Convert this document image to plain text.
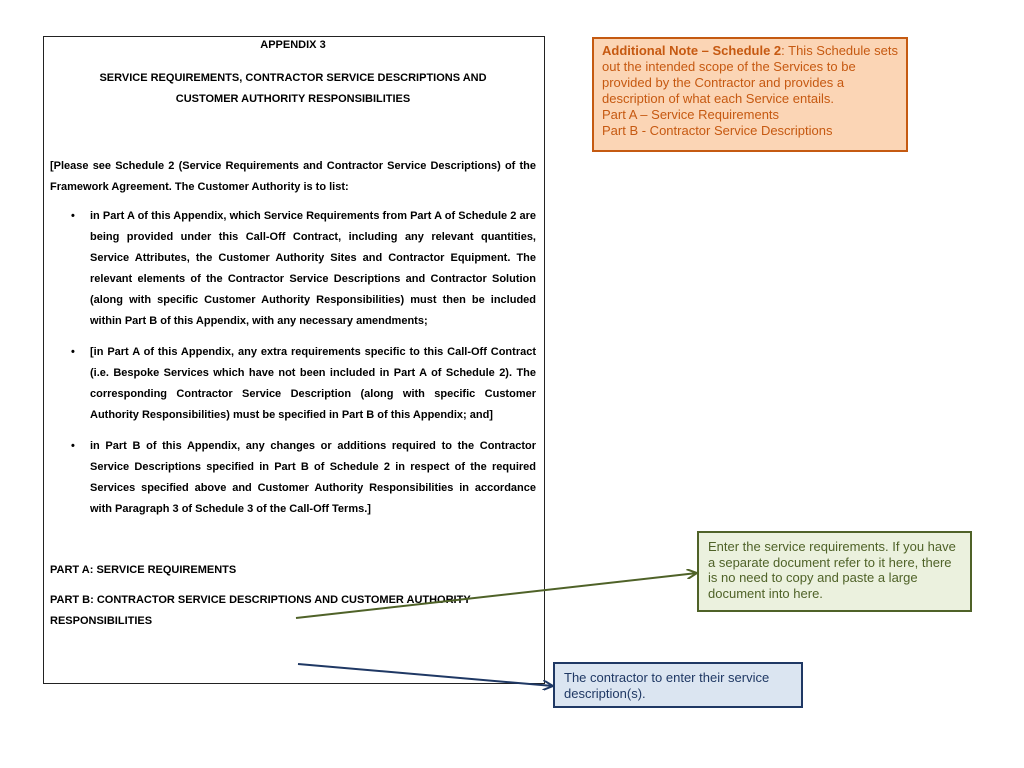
APPENDIX 3
SERVICE REQUIREMENTS, CONTRACTOR SERVICE DESCRIPTIONS AND
CUSTOMER AUTHORITY RESPONSIBILITIES
[Please see Schedule 2 (Service Requirements and Contractor Service Descriptions) of the Framework Agreement. The Customer Authority is to list:
• in Part A of this Appendix, which Service Requirements from Part A of Schedule 2 are being provided under this Call-Off Contract, including any relevant quantities, Service Attributes, the Customer Authority Sites and Contractor Equipment. The relevant elements of the Contractor Service Descriptions and Contractor Solution (along with specific Customer Authority Responsibilities) must then be included within Part B of this Appendix, with any necessary amendments;
• [in Part A of this Appendix, any extra requirements specific to this Call-Off Contract (i.e. Bespoke Services which have not been included in Part A of Schedule 2). The corresponding Contractor Service Description (along with specific Customer Authority Responsibilities) must be specified in Part B of this Appendix; and]
• in Part B of this Appendix, any changes or additions required to the Contractor Service Descriptions specified in Part B of Schedule 2 in respect of the required Services specified above and Customer Authority Responsibilities in accordance with Paragraph 3 of Schedule 3 of the Call-Off Terms.]
PART A: SERVICE REQUIREMENTS
PART B: CONTRACTOR SERVICE DESCRIPTIONS AND CUSTOMER AUTHORITY RESPONSIBILITIES
Additional Note – Schedule 2: This Schedule sets out the intended scope of the Services to be provided by the Contractor and provides a description of what each Service entails.
Part A – Service Requirements
Part B - Contractor Service Descriptions
Enter the service requirements. If you have a separate document refer to it here, there is no need to copy and paste a large document into here.
The contractor to enter their service description(s).
